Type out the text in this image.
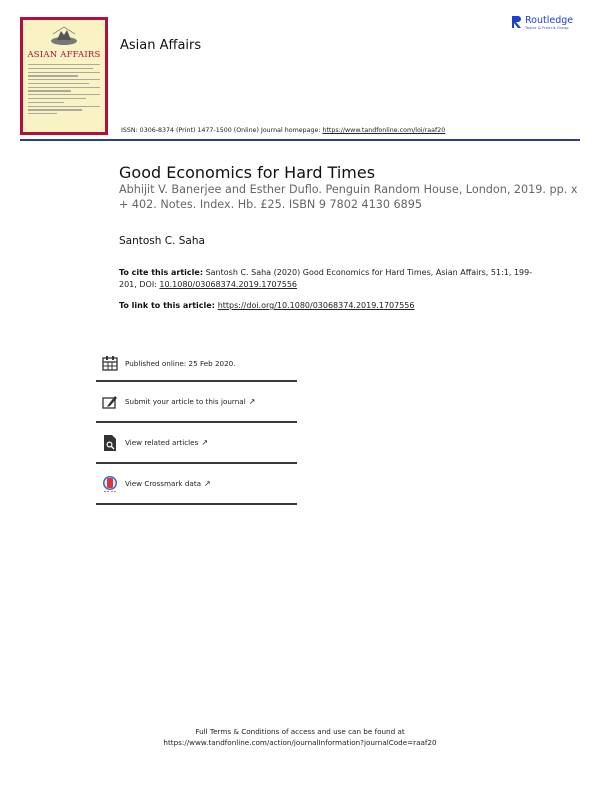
ASIAN AFFAIRS
Asian Affairs
Routledge
Taylor & Francis Group
ISSN: 0306-8374 (Print) 1477-1500 (Online) Journal homepage: https://www.tandfonline.com/loi/raaf20
Good Economics for Hard Times
Abhijit V. Banerjee and Esther Duflo. Penguin Random House, London, 2019. pp. x + 402. Notes. Index. Hb. £25. ISBN 9 7802 4130 6895
Santosh C. Saha
To cite this article: Santosh C. Saha (2020) Good Economics for Hard Times, Asian Affairs, 51:1, 199-201, DOI: 10.1080/03068374.2019.1707556
To link to this article: https://doi.org/10.1080/03068374.2019.1707556
Published online: 25 Feb 2020.
Submit your article to this journal ↗
View related articles ↗
View Crossmark data ↗
Full Terms & Conditions of access and use can be found at
https://www.tandfonline.com/action/journalInformation?journalCode=raaf20
